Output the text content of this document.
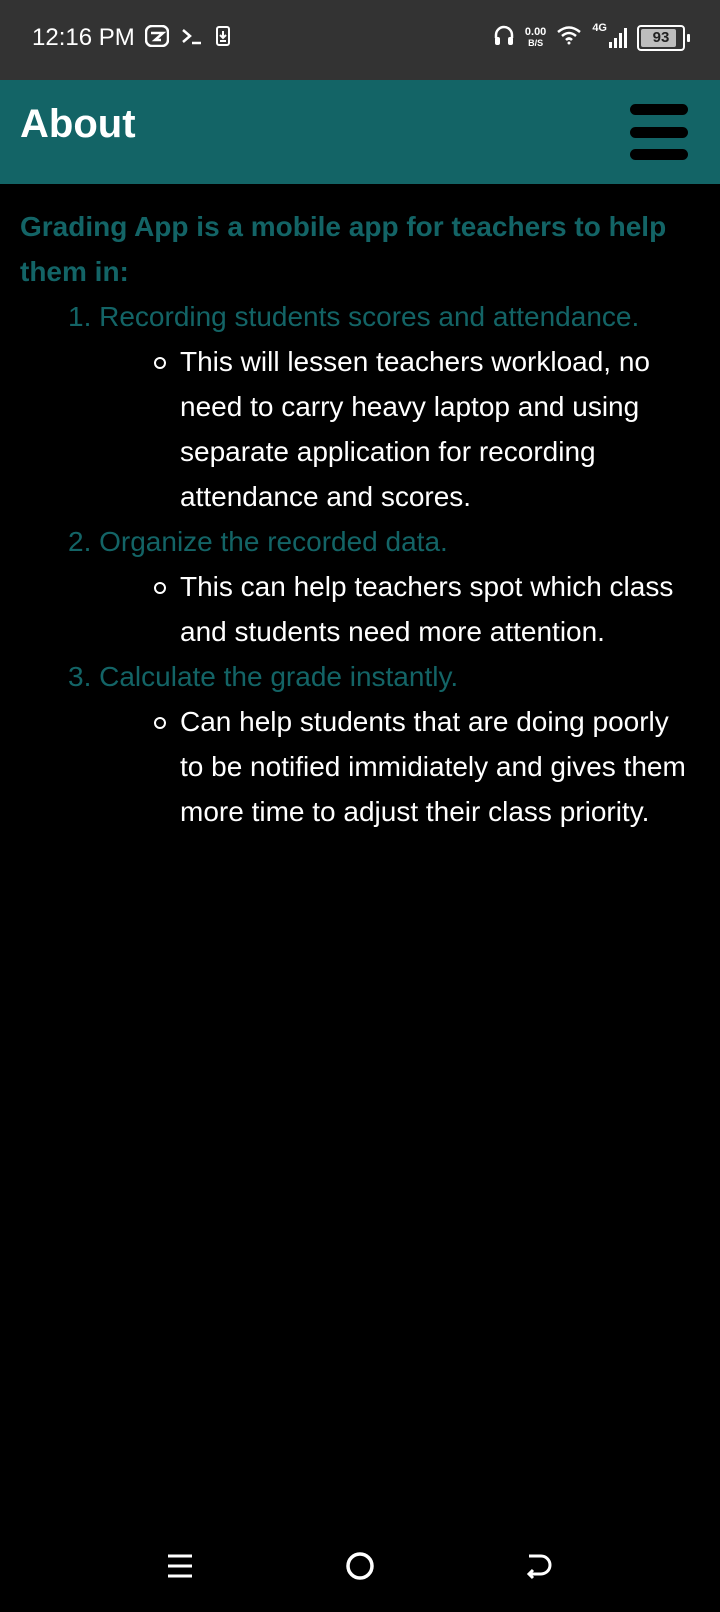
12:16 PM	0.00
B/S
4G
93
About
Grading App is a mobile app for teachers to help them in:
1. Recording students scores and attendance.
This will lessen teachers workload, no need to carry heavy laptop and using separate application for recording attendance and scores.
2. Organize the recorded data.
This can help teachers spot which class and students need more attention.
3. Calculate the grade instantly.
Can help students that are doing poorly to be notified immidiately and gives them more time to adjust their class priority.
